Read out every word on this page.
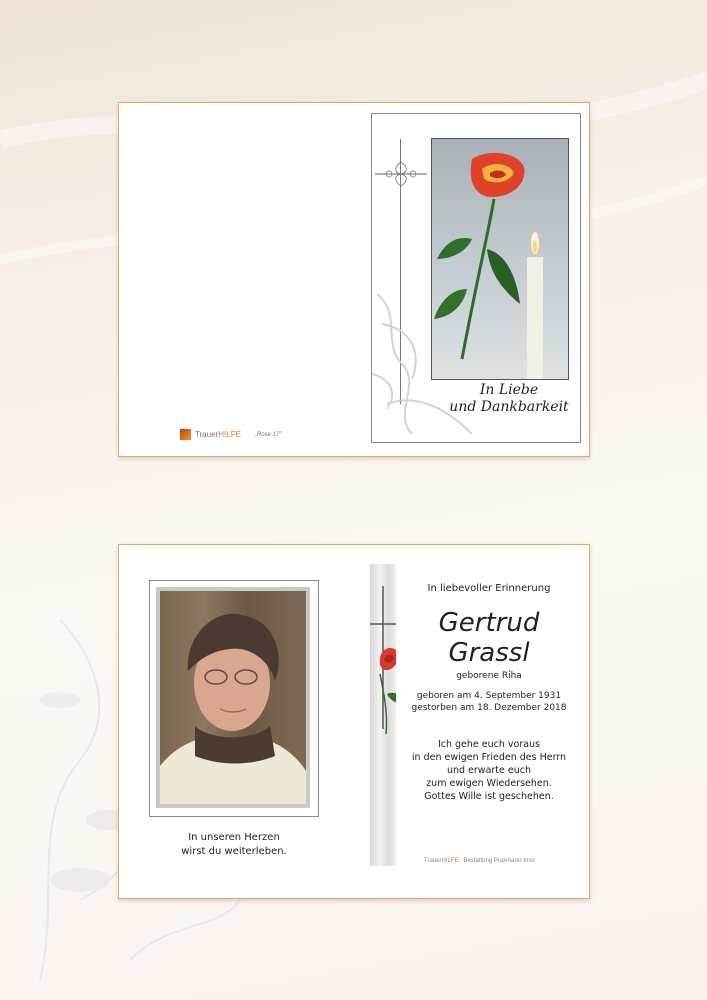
TrauerHILFE „Rose 17"
In Liebe
und Dankbarkeit
In unseren Herzen
wirst du weiterleben.
In liebevoller Erinnerung
Gertrud
Grassl
geborene Riha
geboren am 4. September 1931
gestorben am 18. Dezember 2018
Ich gehe euch voraus
in den ewigen Frieden des Herrn
und erwarte euch
zum ewigen Wiedersehen.
Gottes Wille ist geschehen.
TrauerHILFE Bestattung Praxmarer Imst
